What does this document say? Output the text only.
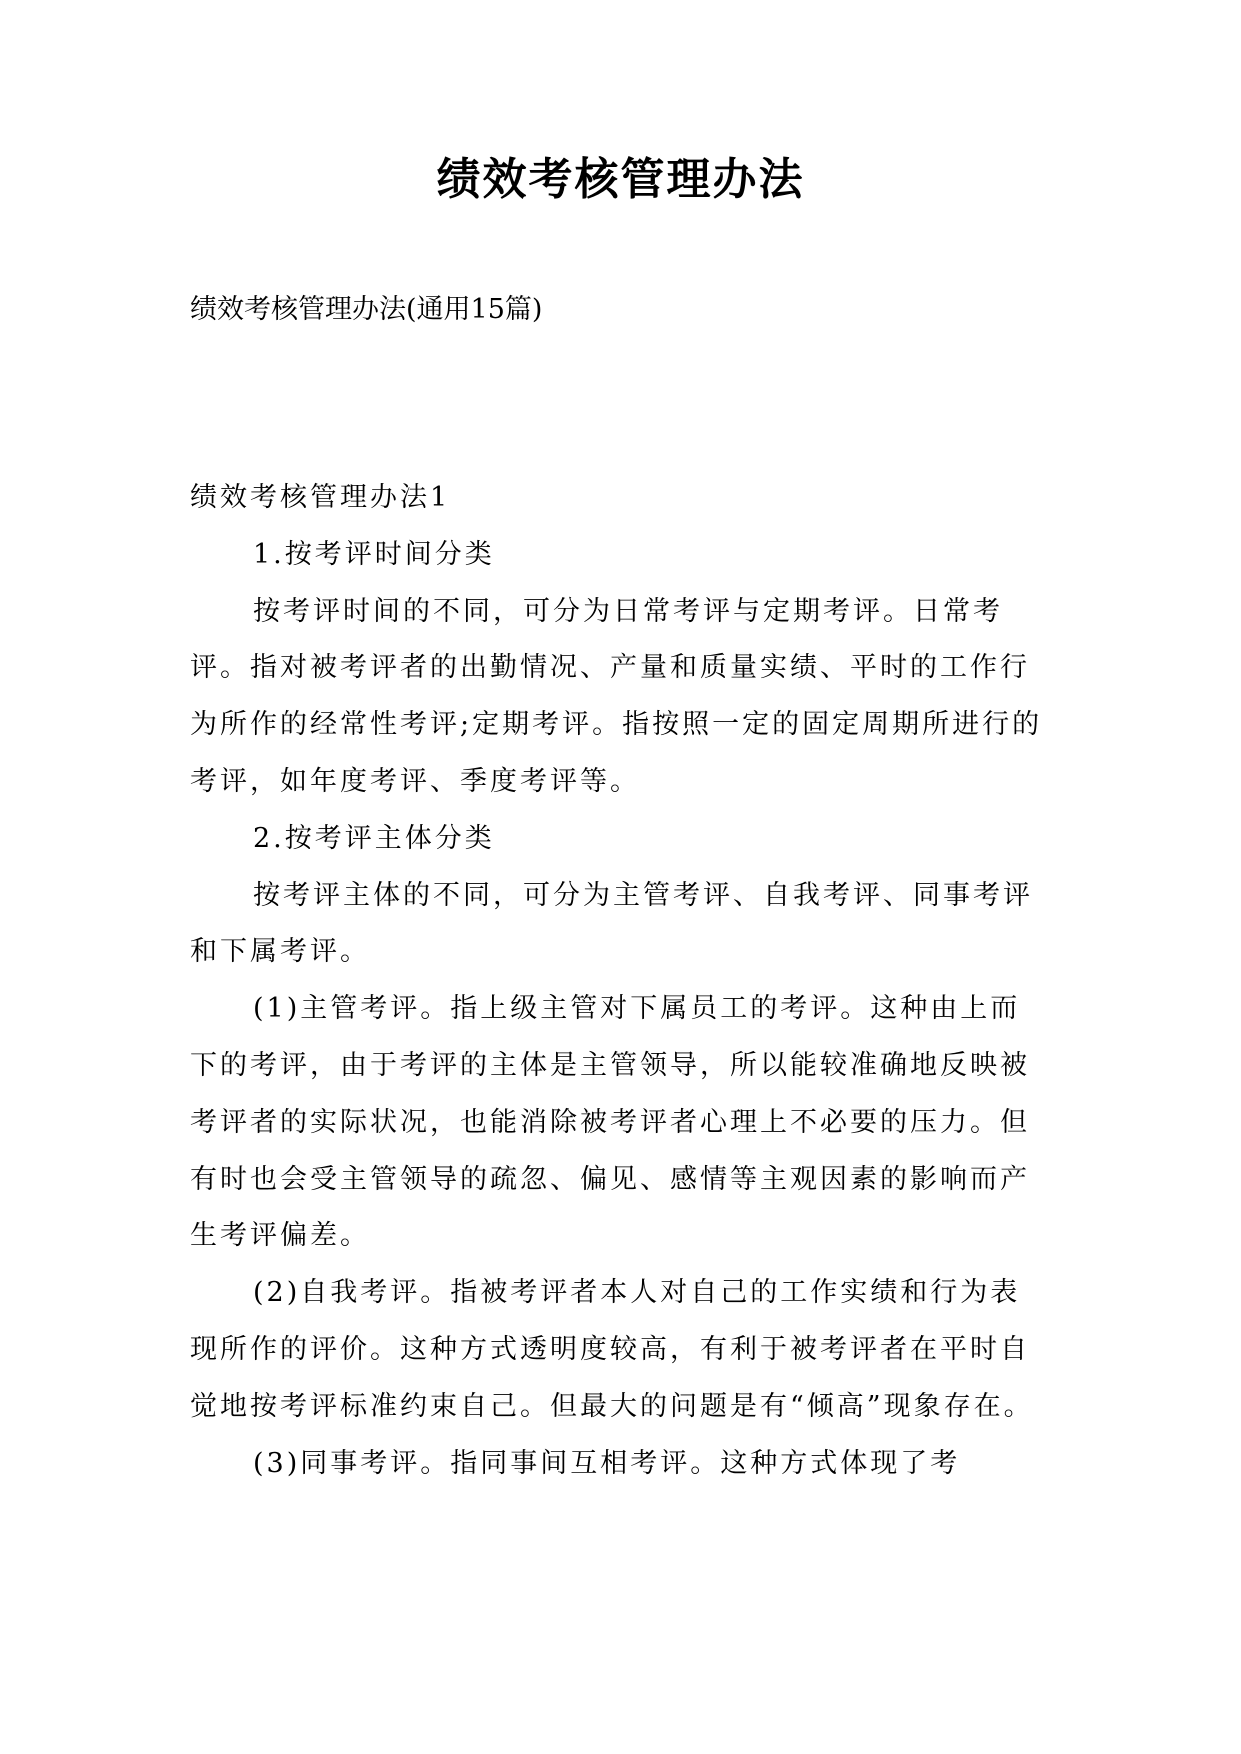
绩效考核管理办法
绩效考核管理办法(通用15篇)

绩效考核管理办法1

1.按考评时间分类

按考评时间的不同，可分为日常考评与定期考评。日常考评。指对被考评者的出勤情况、产量和质量实绩、平时的工作行为所作的经常性考评;定期考评。指按照一定的固定周期所进行的考评，如年度考评、季度考评等。

2.按考评主体分类

按考评主体的不同，可分为主管考评、自我考评、同事考评和下属考评。

(1)主管考评。指上级主管对下属员工的考评。这种由上而下的考评，由于考评的主体是主管领导，所以能较准确地反映被考评者的实际状况，也能消除被考评者心理上不必要的压力。但有时也会受主管领导的疏忽、偏见、感情等主观因素的影响而产生考评偏差。

(2)自我考评。指被考评者本人对自己的工作实绩和行为表现所作的评价。这种方式透明度较高，有利于被考评者在平时自觉地按考评标准约束自己。但最大的问题是有“倾高”现象存在。

(3)同事考评。指同事间互相考评。这种方式体现了考
